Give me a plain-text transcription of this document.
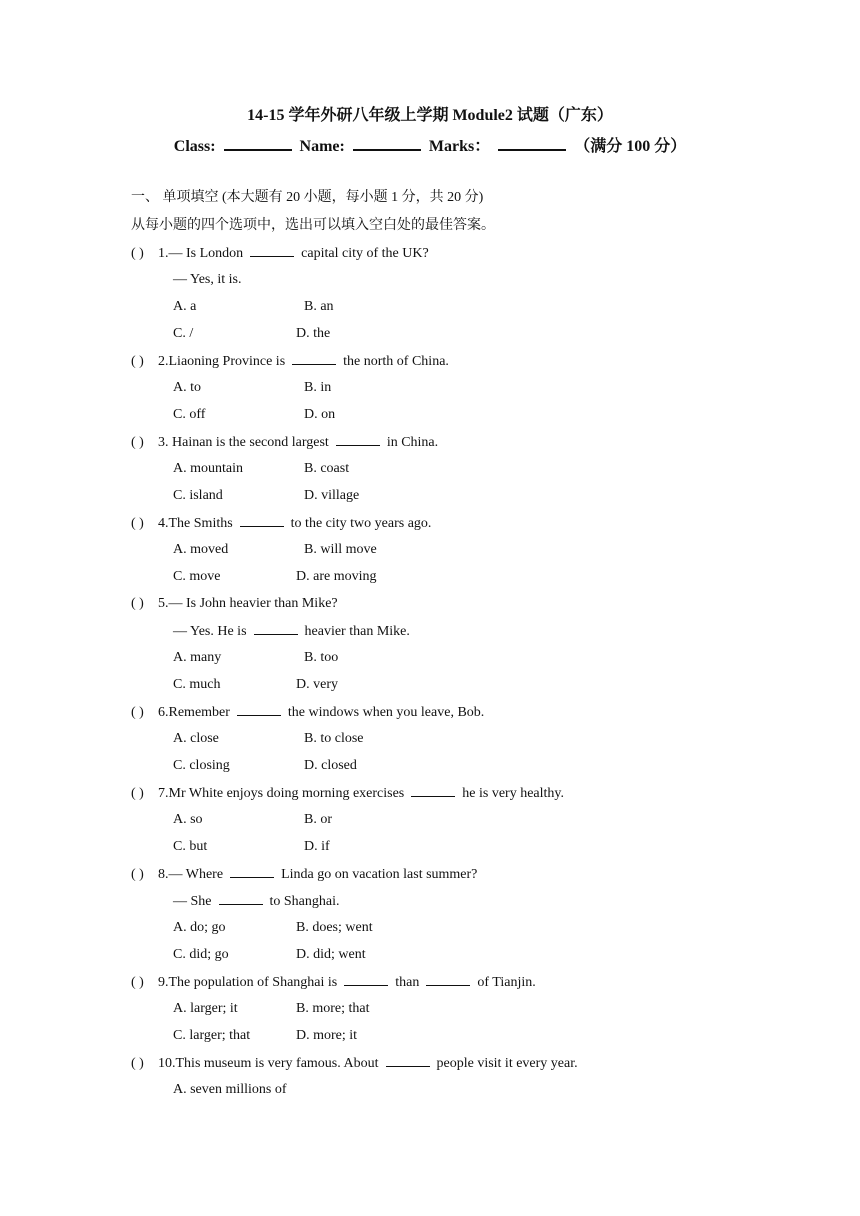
14-15 学年外研八年级上学期 Module2 试题（广东）
Class:	Name:	Marks：	（满分 100 分）
一、 单项填空 (本大题有 20 小题，每小题 1 分，共 20 分)
从每小题的四个选项中，选出可以填入空白处的最佳答案。
( ) 1.— Is London	capital city of the UK?
— Yes, it is.
A. a	B. an
C. /	D. the
( ) 2.Liaoning Province is	the north of China.
A. to	B. in
C. off	D. on
( ) 3. Hainan is the second largest	in China.
A. mountain	B. coast
C. island	D. village
( ) 4.The Smiths	to the city two years ago.
A. moved	B. will move
C. move	D. are moving
( ) 5.— Is John heavier than Mike?
— Yes. He is	heavier than Mike.
A. many	B. too
C. much	D. very
( ) 6.Remember	the windows when you leave, Bob.
A. close	B. to close
C. closing	D. closed
( ) 7.Mr White enjoys doing morning exercises	he is very healthy.
A. so	B. or
C. but	D. if
( ) 8.— Where	Linda go on vacation last summer?
— She	to Shanghai.
A. do; go	B. does; went
C. did; go	D. did; went
( ) 9.The population of Shanghai is	than	of Tianjin.
A. larger; it	B. more; that
C. larger; that	D. more; it
( ) 10.This museum is very famous. About	people visit it every year.
A. seven millions of
